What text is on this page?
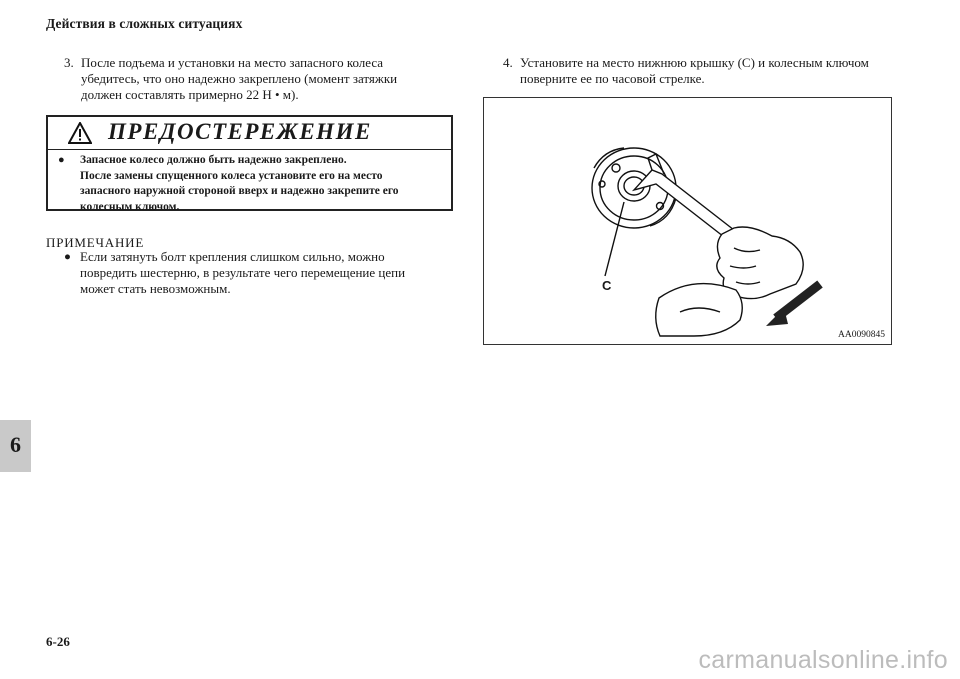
Действия в сложных ситуациях
3. После подъема и установки на место запасного колеса
убедитесь, что оно надежно закреплено (момент затяжки
должен составлять примерно 22 Н • м).
ПРЕДОСТЕРЕЖЕНИЕ
● Запасное колесо должно быть надежно закреплено.
После замены спущенного колеса установите его на место
запасного наружной стороной вверх и надежно закрепите его
колесным ключом.
ПРИМЕЧАНИЕ
● Если затянуть болт крепления слишком сильно, можно
повредить шестерню, в результате чего перемещение цепи
может стать невозможным.
4. Установите на место нижнюю крышку (C) и колесным ключом
поверните ее по часовой стрелке.
C
AA0090845
6
6-26
carmanualsonline.info
